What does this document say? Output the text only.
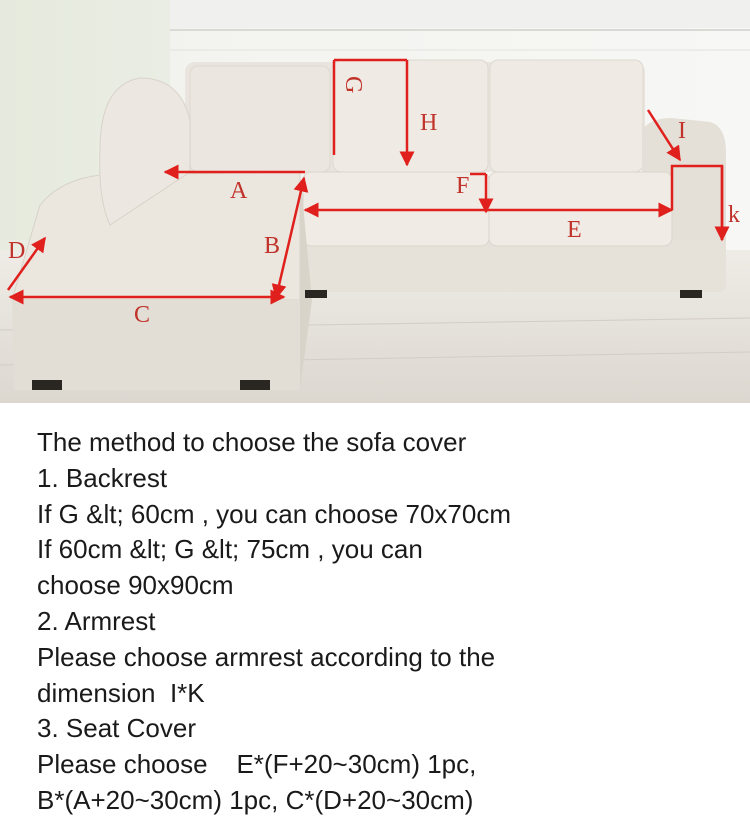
A
B
C
D
E
F
G
H	I
k
The method to choose the sofa cover
1. Backrest
If G &lt; 60cm , you can choose 70x70cm
If 60cm &lt; G &lt; 75cm , you can
choose 90x90cm
2. Armrest
Please choose armrest according to the
dimension  I*K
3. Seat Cover
Please choose    E*(F+20~30cm) 1pc,
B*(A+20~30cm) 1pc, C*(D+20~30cm)
